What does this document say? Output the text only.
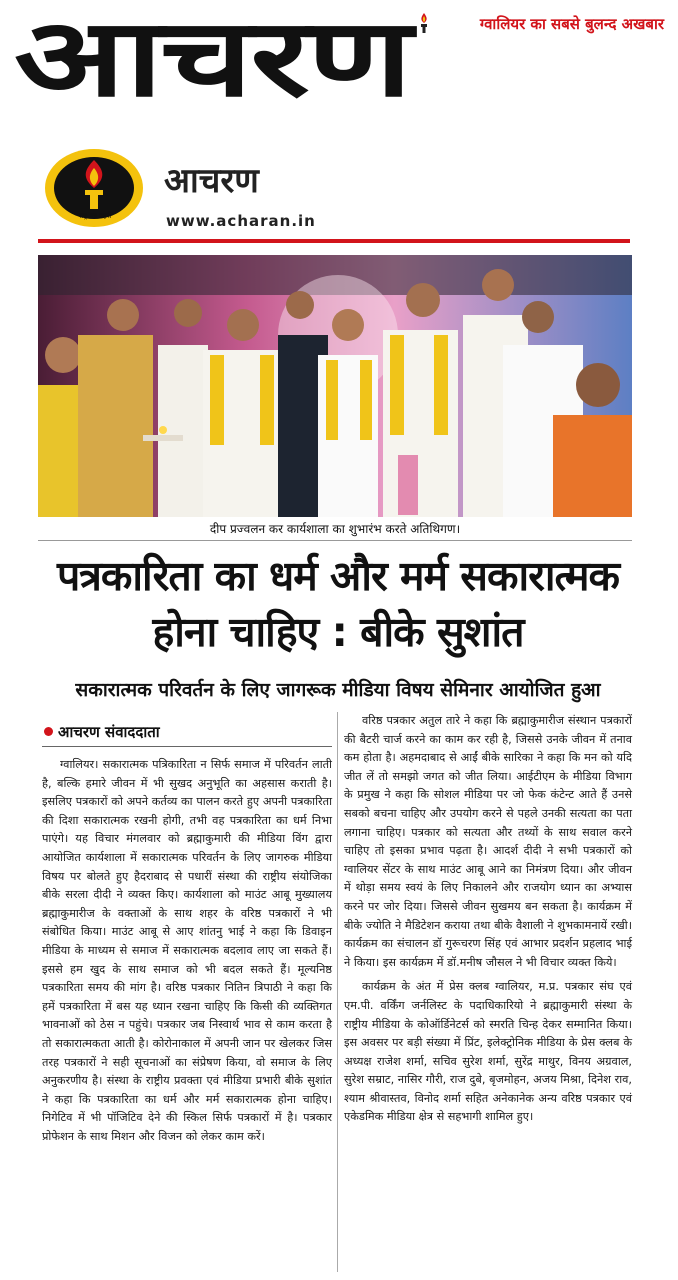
आचरण	ग्वालियर का सबसे बुलन्द अखबार
राष्ट्र का प्रहरी
आचरण
www.acharan.in
दीप प्रज्वलन कर कार्यशाला का शुभारंभ करते अतिथिगण।
पत्रकारिता का धर्म और मर्म सकारात्मक
होना चाहिए : बीके सुशांत
सकारात्मक परिवर्तन के लिए जागरूक मीडिया विषय सेमिनार आयोजित हुआ
आचरण संवाददाता

ग्वालियर। सकारात्मक पत्रिकारिता न सिर्फ समाज में परिवर्तन लाती है, बल्कि हमारे जीवन में भी सुखद अनुभूति का अहसास कराती है। इसलिए पत्रकारों को अपने कर्तव्य का पालन करते हुए अपनी पत्रकारिता की दिशा सकारात्मक रखनी होगी, तभी वह पत्रकारिता का धर्म निभा पाएंगे। यह विचार मंगलवार को ब्रह्माकुमारी की मीडिया विंग द्वारा आयोजित कार्यशाला में सकारात्मक परिवर्तन के लिए जागरुक मीडिया विषय पर बोलते हुए हैदराबाद से पधारीं संस्था की राष्ट्रीय संयोजिका बीके सरला दीदी ने व्यक्त किए। कार्यशाला को माउंट आबू मुख्यालय ब्रह्माकुमारीज के वक्ताओं के साथ शहर के वरिष्ठ पत्रकारों ने भी संबोधित किया। माउंट आबू से आए शांतनु भाई ने कहा कि डिवाइन मीडिया के माध्यम से समाज में सकारात्मक बदलाव लाए जा सकते हैं। इससे हम खुद के साथ समाज को भी बदल सकते हैं। मूल्यनिष्ठ पत्रकारिता समय की मांग है। वरिष्ठ पत्रकार नितिन त्रिपाठी ने कहा कि हमें पत्रकारिता में बस यह ध्यान रखना चाहिए कि किसी की व्यक्तिगत भावनाओं को ठेस न पहुंचे। पत्रकार जब निस्वार्थ भाव से काम करता है तो सकारात्मकता आती है। कोरोनाकाल में अपनी जान पर खेलकर जिस तरह पत्रकारों ने सही सूचनाओं का संप्रेषण किया, वो समाज के लिए अनुकरणीय है। संस्था के राष्ट्रीय प्रवक्ता एवं मीडिया प्रभारी बीके सुशांत ने कहा कि पत्रकारिता का धर्म और मर्म सकारात्मक होना चाहिए। निगेटिव में भी पॉजिटिव देने की स्किल सिर्फ पत्रकारों में है। पत्रकार प्रोफेशन के साथ मिशन और विजन को लेकर काम करें।

वरिष्ठ पत्रकार अतुल तारे ने कहा कि ब्रह्माकुमारीज संस्थान पत्रकारों की बैटरी चार्ज करने का काम कर रही है, जिससे उनके जीवन में तनाव कम होता है। अहमदाबाद से आईं बीके सारिका ने कहा कि मन को यदि जीत लें तो समझो जगत को जीत लिया। आईटीएम के मीडिया विभाग के प्रमुख ने कहा कि सोशल मीडिया पर जो फेक कंटेन्ट आते हैं उनसे सबको बचना चाहिए और उपयोग करने से पहले उनकी सत्यता का पता लगाना चाहिए। पत्रकार को सत्यता और तथ्यों के साथ सवाल करने चाहिए तो इसका प्रभाव पढ़ता है। आदर्श दीदी ने सभी पत्रकारों को ग्वालियर सेंटर के साथ माउंट आबू आने का निमंत्रण दिया। और जीवन में थोड़ा समय स्वयं के लिए निकालने और राजयोग ध्यान का अभ्यास करने पर जोर दिया। जिससे जीवन सुखमय बन सकता है। कार्यक्रम में बीके ज्योति ने मैडिटेशन कराया तथा बीके वैशाली ने शुभकामनायें रखी। कार्यक्रम का संचालन डॉ गुरूचरण सिंह एवं आभार प्रदर्शन प्रहलाद भाई ने किया। इस कार्यक्रम में डॉ.मनीष जौसल ने भी विचार व्यक्त किये।

कार्यक्रम के अंत में प्रेस क्लब ग्वालियर, म.प्र. पत्रकार संघ एवं एम.पी. वर्किंग जर्नलिस्ट के पदाधिकारियो ने ब्रह्माकुमारी संस्था के राष्ट्रीय मीडिया के कोऑर्डिनेटर्स को स्मरति चिन्ह देकर सम्मानित किया। इस अवसर पर बड़ी संख्या में प्रिंट, इलेक्ट्रोनिक मीडिया के प्रेस क्लब के अध्यक्ष राजेश शर्मा, सचिव सुरेश शर्मा, सुरेंद्र माथुर, विनय अग्रवाल, सुरेश सम्राट, नासिर गौरी, राज दुबे, बृजमोहन, अजय मिश्रा, दिनेश राव, श्याम श्रीवास्तव, विनोद शर्मा सहित अनेकानेक अन्य वरिष्ठ पत्रकार एवं एकेडमिक मीडिया क्षेत्र से सहभागी शामिल हुए।
